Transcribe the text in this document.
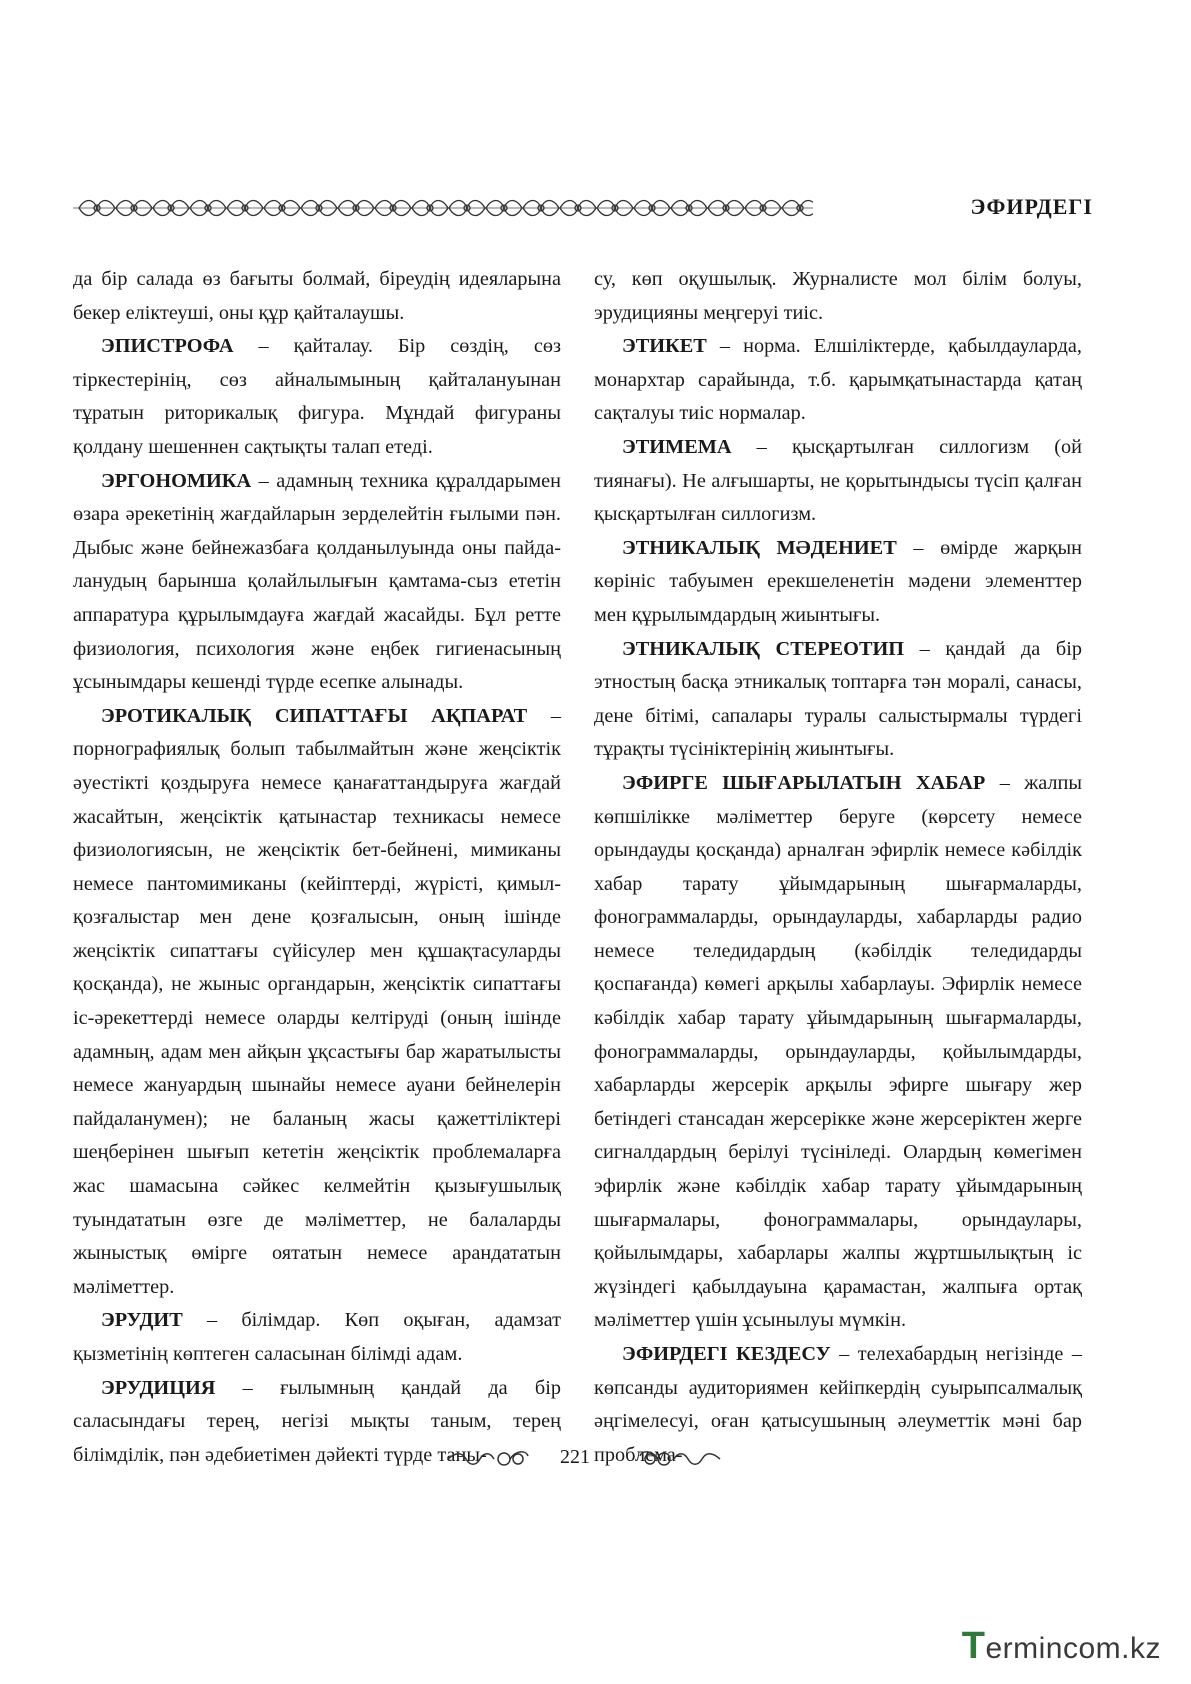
ЭФИРДЕГІ

да бір салада өз бағыты болмай, біреудің идеяларына бекер еліктеуші, оны құр қайталаушы.

ЭПИСТРОФА – қайталау. Бір сөздің, сөз тіркестерінің, сөз айналымының қайталануынан тұратын риторикалық фигура. Мұндай фигураны қолдану шешеннен сақтықты талап етеді.

ЭРГОНОМИКА – адамның техника құралдарымен өзара әрекетінің жағдайларын зерделейтін ғылыми пән. Дыбыс және бейнежазбаға қолданылуында оны пайда-ланудың барынша қолайлылығын қамтама-сыз ететін аппаратура құрылымдауға жағдай жасайды. Бұл ретте физиология, психология және еңбек гигиенасының ұсынымдары кешенді түрде есепке алынады.

ЭРОТИКАЛЫҚ СИПАТТАҒЫ АҚПАРАТ – порнографиялық болып табылмайтын және жеңсіктік әуестікті қоздыруға немесе қанағаттандыруға жағдай жасайтын, жеңсіктік қатынастар техникасы немесе физиологиясын, не жеңсіктік бет-бейнені, мимиканы немесе пантомимиканы (кейіптерді, жүрісті, қимыл-қозғалыстар мен дене қозғалысын, оның ішінде жеңсіктік сипаттағы сүйісулер мен құшақтасуларды қосқанда), не жыныс органдарын, жеңсіктік сипаттағы іс-әрекеттерді немесе оларды келтіруді (оның ішінде адамның, адам мен айқын ұқсастығы бар жаратылысты немесе жануардың шынайы немесе ауани бейнелерін пайдаланумен); не баланың жасы қажеттіліктері шеңберінен шығып кететін жеңсіктік проблемаларға жас шамасына сәйкес келмейтін қызығушылық туындататын өзге де мәліметтер, не балаларды жыныстық өмірге оятатын немесе арандататын мәліметтер.

ЭРУДИТ – білімдар. Көп оқыған, адамзат қызметінің көптеген саласынан білімді адам.

ЭРУДИЦИЯ – ғылымның қандай да бір саласындағы терең, негізі мықты таным, терең білімділік, пән әдебиетімен дәйекті түрде таны-

су, көп оқушылық. Журналисте мол білім болуы, эрудицияны меңгеруі тиіс.

ЭТИКЕТ – норма. Елшіліктерде, қабылдауларда, монархтар сарайында, т.б. қарымқатынастарда қатаң сақталуы тиіс нормалар.

ЭТИМЕМА – қысқартылған силлогизм (ой тиянағы). Не алғышарты, не қорытындысы түсіп қалған қысқартылған силлогизм.

ЭТНИКАЛЫҚ МӘДЕНИЕТ – өмірде жарқын көрініс табуымен ерекшеленетін мәдени элементтер мен құрылымдардың жиынтығы.

ЭТНИКАЛЫҚ СТЕРЕОТИП – қандай да бір этностың басқа этникалық топтарға тән моралі, санасы, дене бітімі, сапалары туралы салыстырмалы түрдегі тұрақты түсініктерінің жиынтығы.

ЭФИРГЕ ШЫҒАРЫЛАТЫН ХАБАР – жалпы көпшілікке мәліметтер беруге (көрсету немесе орындауды қосқанда) арналған эфирлік немесе кәбілдік хабар тарату ұйымдарының шығармаларды, фонограммаларды, орындауларды, хабарларды радио немесе теледидардың (кәбілдік теледидарды қоспағанда) көмегі арқылы хабарлауы. Эфирлік немесе кәбілдік хабар тарату ұйымдарының шығармаларды, фонограммаларды, орындауларды, қойылымдарды, хабарларды жерсерік арқылы эфирге шығару жер бетіндегі стансадан жерсерікке және жерсеріктен жерге сигналдардың берілуі түсініледі. Олардың көмегімен эфирлік және кәбілдік хабар тарату ұйымдарының шығармалары, фонограммалары, орындаулары, қойылымдары, хабарлары жалпы жұртшылықтың іс жүзіндегі қабылдауына қарамастан, жалпыға ортақ мәліметтер үшін ұсынылуы мүмкін.

ЭФИРДЕГІ КЕЗДЕСУ – телехабардың негізінде – көпсанды аудиториямен кейіпкердің суырыпсалмалық әңгімелесуі, оған қатысушының әлеуметтік мәні бар проблема-

221
Termincom.kz
